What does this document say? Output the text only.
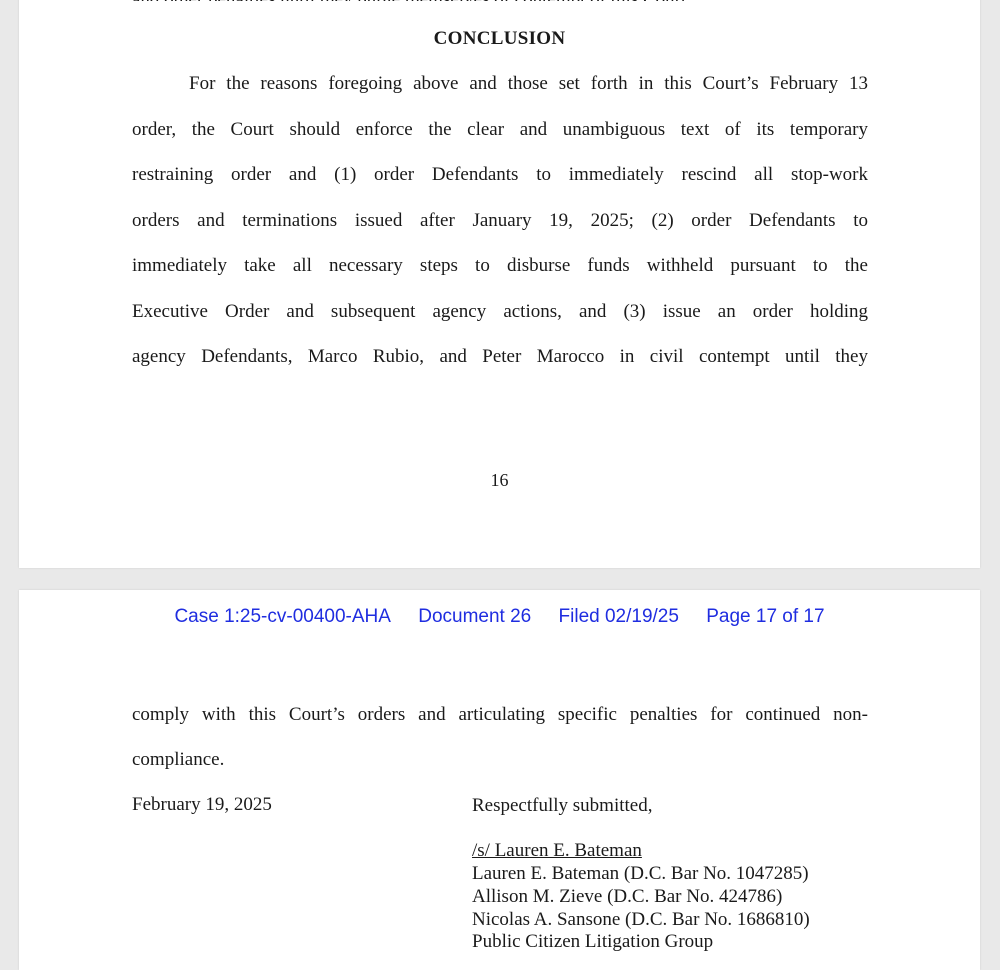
CONCLUSION
For the reasons foregoing above and those set forth in this Court’s February 13
order, the Court should enforce the clear and unambiguous text of its temporary
restraining order and (1) order Defendants to immediately rescind all stop-work
orders and terminations issued after January 19, 2025; (2) order Defendants to
immediately take all necessary steps to disburse funds withheld pursuant to the
Executive Order and subsequent agency actions, and (3) issue an order holding
agency Defendants, Marco Rubio, and Peter Marocco in civil contempt until they
16
Case 1:25-cv-00400-AHA Document 26 Filed 02/19/25 Page 17 of 17
comply with this Court’s orders and articulating specific penalties for continued non-
compliance.
February 19, 2025	Respectfully submitted,
/s/ Lauren E. Bateman
Lauren E. Bateman (D.C. Bar No. 1047285)
Allison M. Zieve (D.C. Bar No. 424786)
Nicolas A. Sansone (D.C. Bar No. 1686810)
Public Citizen Litigation Group
